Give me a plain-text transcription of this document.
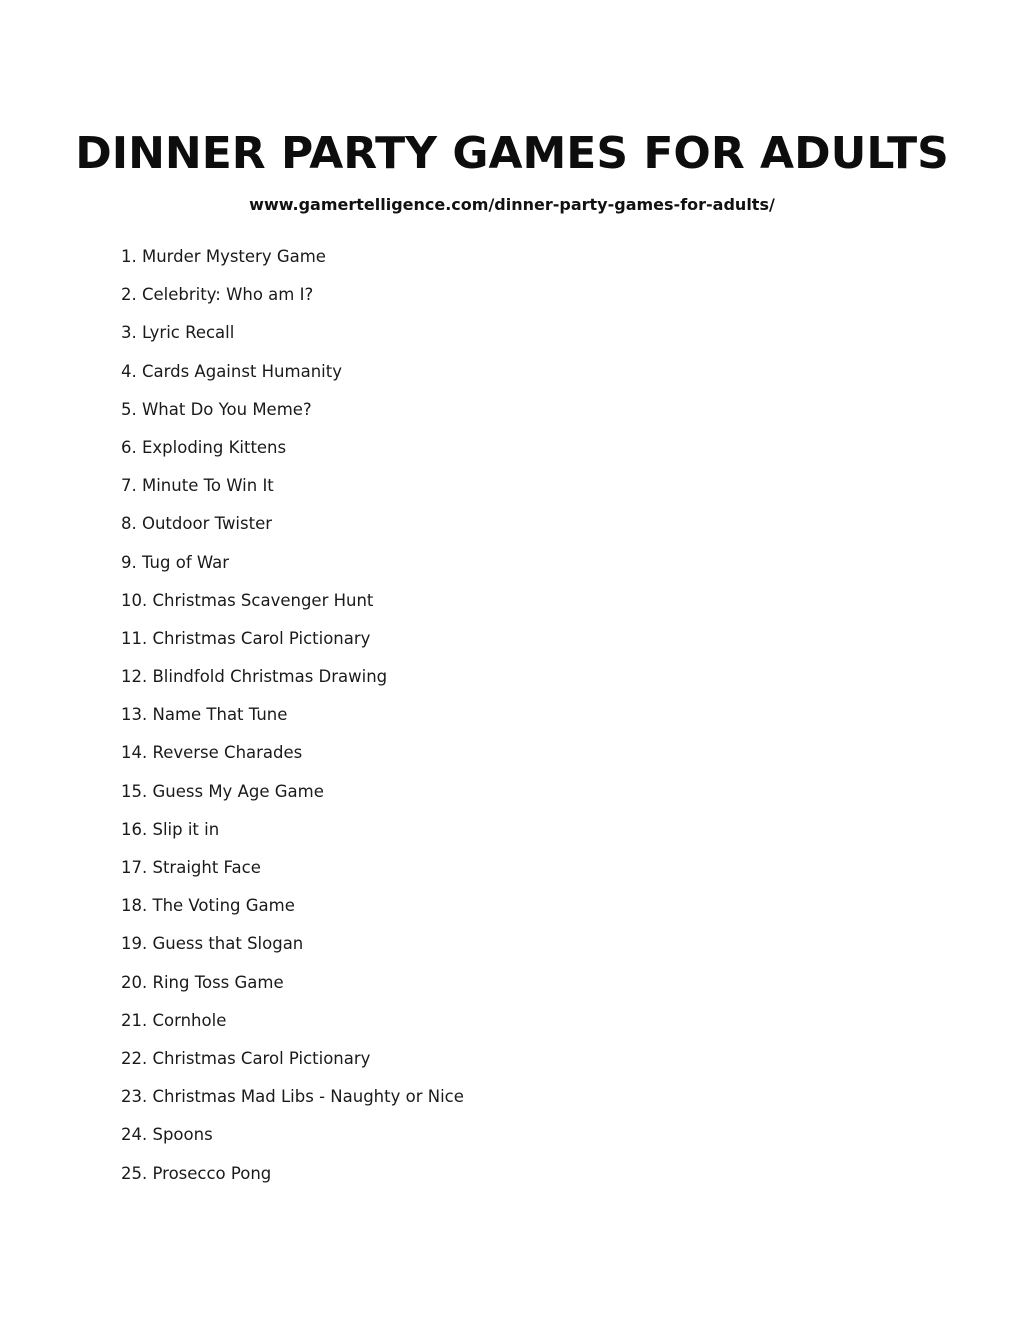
DINNER PARTY GAMES FOR ADULTS
www.gamertelligence.com/dinner-party-games-for-adults/
1. Murder Mystery Game
2. Celebrity: Who am I?
3. Lyric Recall
4. Cards Against Humanity
5. What Do You Meme?
6. Exploding Kittens
7. Minute To Win It
8. Outdoor Twister
9. Tug of War
10. Christmas Scavenger Hunt
11. Christmas Carol Pictionary
12. Blindfold Christmas Drawing
13. Name That Tune
14. Reverse Charades
15. Guess My Age Game
16. Slip it in
17. Straight Face
18. The Voting Game
19. Guess that Slogan
20. Ring Toss Game
21. Cornhole
22. Christmas Carol Pictionary
23. Christmas Mad Libs - Naughty or Nice
24. Spoons
25. Prosecco Pong
